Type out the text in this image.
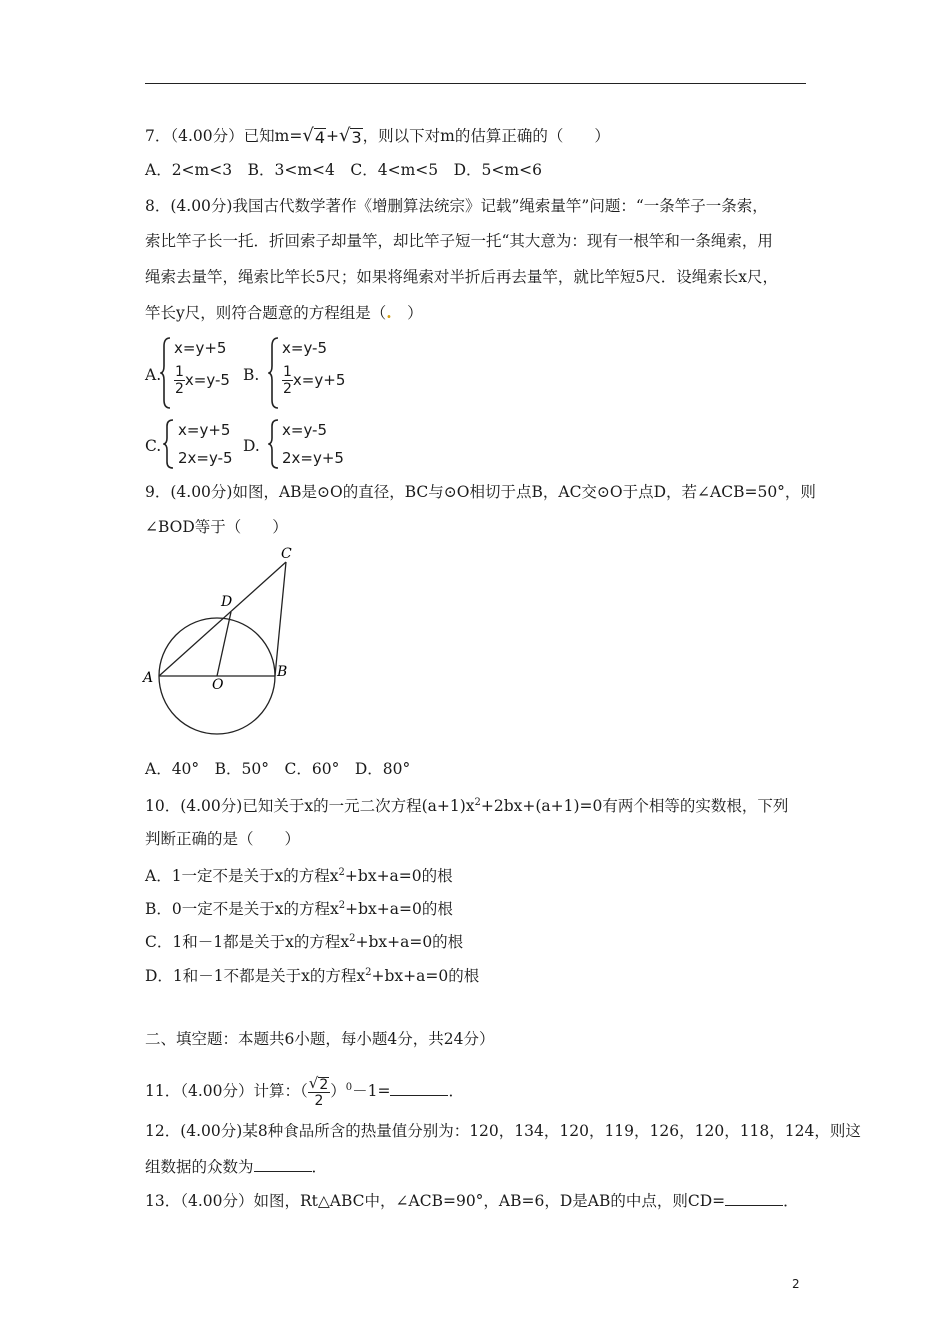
7．（4.00分）已知m= √ 4 + √ 3 ，则以下对m的估算正确的（　　）
A．2<m<3　B．3<m<4　C．4<m<5　D．5<m<6
8．(4.00分)我国古代数学著作《增删算法统宗》记载”绳索量竿”问题：“一条竿子一条索，
索比竿子长一托．折回索子却量竿，却比竿子短一托“其大意为：现有一根竿和一条绳索，用
绳索去量竿，绳索比竿长5尺；如果将绳索对半折后再去量竿，就比竿短5尺．设绳索长x尺，
竿长y尺，则符合题意的方程组是（.　）
A.
x=y+5
$\frac{1}{2} x=y-5$ B.
x=y-5
$\frac{1}{2} x=y+5$
C.
x=y+5
2x=y-5
D.
x=y-5
2x=y+5
9．(4.00分)如图，AB是⊙O的直径，BC与⊙O相切于点B，AC交⊙O于点D，若∠ACB=50°，则
∠BOD等于（　　）
A	B
C
D
O
A．40°　B．50°　C．60°　D．80°
10．(4.00分)已知关于x的一元二次方程$(a+1)x^2+2bx+(a+1)=0$有两个相等的实数根，下列
判断正确的是（　　）
A．1一定不是关于x的方程$x^2+bx+a=0$的根
B．0一定不是关于x的方程$x^2+bx+a=0$的根
C．1和－1都是关于x的方程$x^2+bx+a=0$的根
D．1和－1不都是关于x的方程$x^2+bx+a=0$的根
二、填空题：本题共6小题，每小题4分，共24分）
11．（4.00分）计算：（ $\frac{√ 2}{2} )^0-1=$	．
12．(4.00分)某8种食品所含的热量值分别为：120，134，120，119，126，120，118，124，则这
组数据的众数为	．
13．（4.00分）如图，Rt△ABC中，∠ACB=90°，AB=6，D是AB的中点，则CD=	．
2
